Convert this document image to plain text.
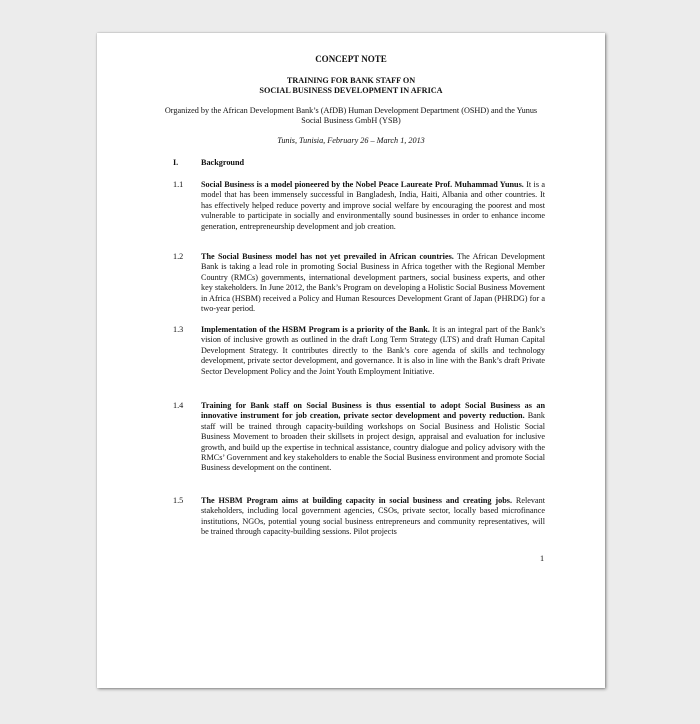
CONCEPT NOTE
TRAINING FOR BANK STAFF ON
SOCIAL BUSINESS DEVELOPMENT IN AFRICA
Organized by the African Development Bank’s (AfDB) Human Development Department (OSHD) and the Yunus Social Business GmbH (YSB)
Tunis, Tunisia, February 26 – March 1, 2013
I.	Background
1.1 Social Business is a model pioneered by the Nobel Peace Laureate Prof. Muhammad Yunus. It is a model that has been immensely successful in Bangladesh, India, Haiti, Albania and other countries. It has effectively helped reduce poverty and improve social welfare by encouraging the poorest and most vulnerable to participate in socially and environmentally sound businesses in order to enhance income generation, entrepreneurship development and job creation.
1.2 The Social Business model has not yet prevailed in African countries. The African Development Bank is taking a lead role in promoting Social Business in Africa together with the Regional Member Country (RMCs) governments, international development partners, social business experts, and other key stakeholders. In June 2012, the Bank’s Program on developing a Holistic Social Business Movement in Africa (HSBM) received a Policy and Human Resources Development Grant of Japan (PHRDG) for a two-year period.
1.3 Implementation of the HSBM Program is a priority of the Bank. It is an integral part of the Bank’s vision of inclusive growth as outlined in the draft Long Term Strategy (LTS) and draft Human Capital Development Strategy. It contributes directly to the Bank’s core agenda of skills and technology development, private sector development, and governance. It is also in line with the Bank’s draft Private Sector Development Policy and the Joint Youth Employment Initiative.
1.4 Training for Bank staff on Social Business is thus essential to adopt Social Business as an innovative instrument for job creation, private sector development and poverty reduction. Bank staff will be trained through capacity-building workshops on Social Business and Holistic Social Business Movement to broaden their skillsets in project design, appraisal and evaluation for inclusive growth, and build up the expertise in technical assistance, country dialogue and policy advisory with the RMCs’ Government and key stakeholders to enable the Social Business environment and promote Social Business development on the continent.
1.5 The HSBM Program aims at building capacity in social business and creating jobs. Relevant stakeholders, including local government agencies, CSOs, private sector, locally based microfinance institutions, NGOs, potential young social business entrepreneurs and community representatives, will be trained through capacity-building sessions. Pilot projects
1
